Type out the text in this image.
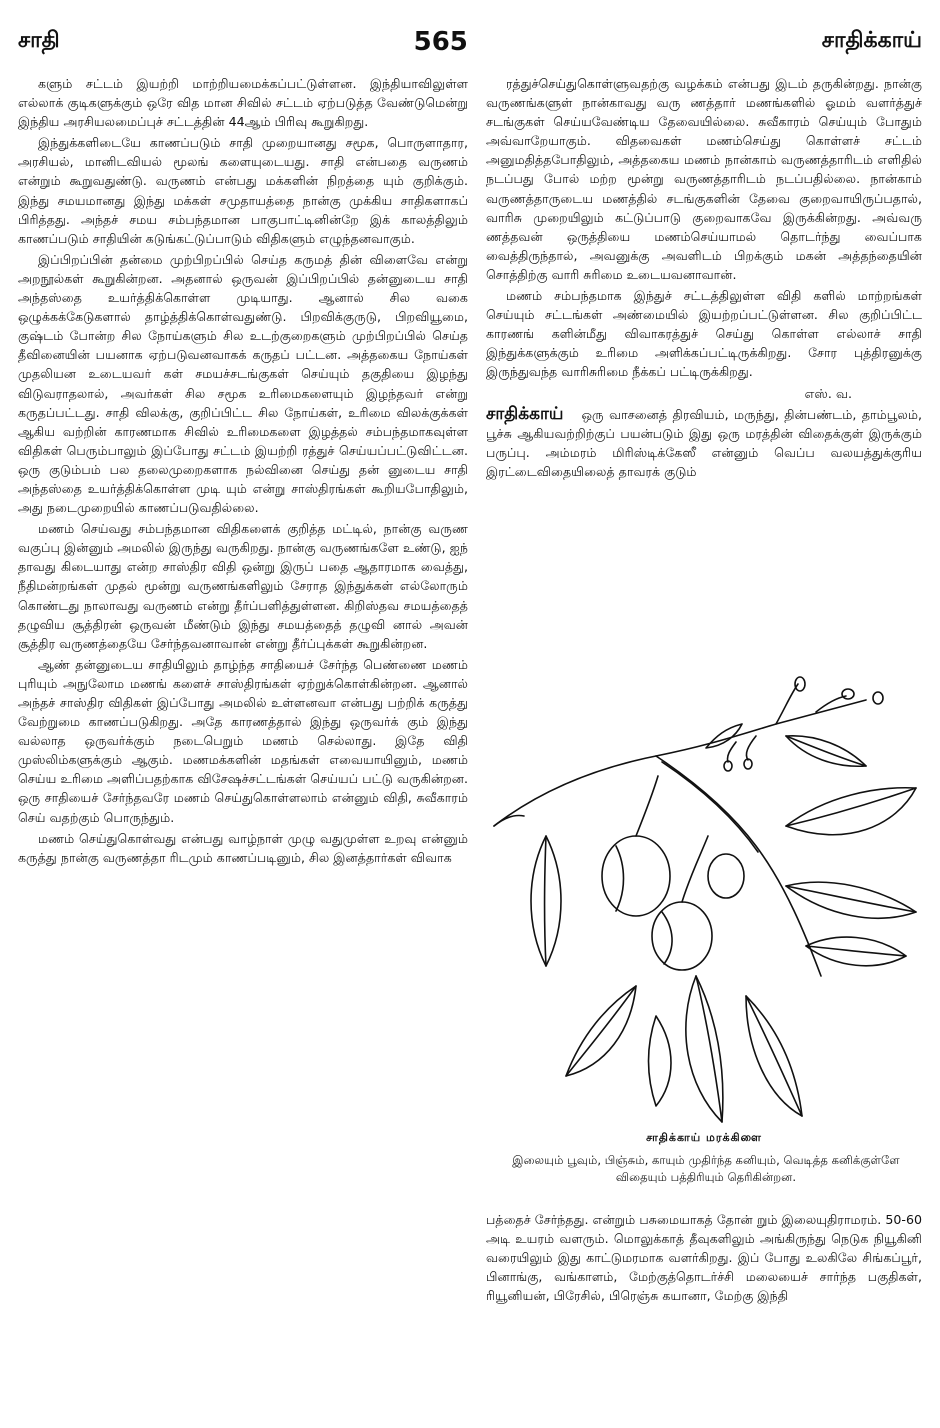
சாதி	565	சாதிக்காய்

களும் சட்டம் இயற்றி மாற்றியமைக்கப்பட்டுள்ளன. இந்தியாவிலுள்ள எல்லாக் குடிகளுக்கும் ஒரே வித மான சிவில் சட்டம் ஏற்படுத்த வேண்டுமென்று இந்திய அரசியலமைப்புச் சட்டத்தின் 44ஆம் பிரிவு கூறுகிறது.

இந்துக்களிடையே காணப்படும் சாதி முறையானது சமூக, பொருளாதார, அரசியல், மானிடவியல் மூலங் களையுடையது. சாதி என்பதை வருணம் என்றும் கூறுவதுண்டு. வருணம் என்பது மக்களின் நிறத்தை யும் குறிக்கும். இந்து சமயமானது இந்து மக்கள் சமுதாயத்தை நான்கு முக்கிய சாதிகளாகப் பிரித்தது. அந்தச் சமய சம்பந்தமான பாகுபாட்டினின்றே இக் காலத்திலும் காணப்படும் சாதியின் கடுங்கட்டுப்பாடும் விதிகளும் எழுந்தனவாகும்.

இப்பிறப்பின் தன்மை முற்பிறப்பில் செய்த கருமத் தின் விளைவே என்று அறநூல்கள் கூறுகின்றன. அதனால் ஒருவன் இப்பிறப்பில் தன்னுடைய சாதி அந்தஸ்தை உயர்த்திக்கொள்ள முடியாது. ஆனால் சில வகை ஒழுக்கக்கேடுகளால் தாழ்த்திக்கொள்வதுண்டு. பிறவிக்குருடு, பிறவியூமை, குஷ்டம் போன்ற சில நோய்களும் சில உடற்குறைகளும் முற்பிறப்பில் செய்த தீவினையின் பயனாக ஏற்படுவனவாகக் கருதப் பட்டன. அத்தகைய நோய்கள் முதலியன உடையவர் கள் சமயச்சடங்குகள் செய்யும் தகுதியை இழந்து விடுவராதலால், அவர்கள் சில சமூக உரிமைகளையும் இழந்தவர் என்று கருதப்பட்டது. சாதி விலக்கு, குறிப்பிட்ட சில நோய்கள், உரிமை விலக்குக்கள் ஆகிய வற்றின் காரணமாக சிவில் உரிமைகளை இழத்தல் சம்பந்தமாகவுள்ள விதிகள் பெரும்பாலும் இப்போது சட்டம் இயற்றி ரத்துச் செய்யப்பட்டுவிட்டன. ஒரு குடும்பம் பல தலைமுறைகளாக நல்வினை செய்து தன் னுடைய சாதி அந்தஸ்தை உயர்த்திக்கொள்ள முடி யும் என்று சாஸ்திரங்கள் கூறியபோதிலும், அது நடைமுறையில் காணப்படுவதில்லை.

மணம் செய்வது சம்பந்தமான விதிகளைக் குறித்த மட்டில், நான்கு வருண வகுப்பு இன்னும் அமலில் இருந்து வருகிறது. நான்கு வருணங்களே உண்டு, ஐந் தாவது கிடையாது என்ற சாஸ்திர விதி ஒன்று இருப் பதை ஆதாரமாக வைத்து, நீதிமன்றங்கள் முதல் மூன்று வருணங்களிலும் சேராத இந்துக்கள் எல்லோரும் கொண்டது நாலாவது வருணம் என்று தீர்ப்பளித்துள்ளன. கிறிஸ்தவ சமயத்தைத் தழுவிய சூத்திரன் ஒருவன் மீண்டும் இந்து சமயத்தைத் தழுவி னால் அவன் சூத்திர வருணத்தையே சேர்ந்தவனாவான் என்று தீர்ப்புக்கள் கூறுகின்றன.

ஆண் தன்னுடைய சாதியிலும் தாழ்ந்த சாதியைச் சேர்ந்த பெண்ணை மணம் புரியும் அநுலோம மணங் களைச் சாஸ்திரங்கள் ஏற்றுக்கொள்கின்றன. ஆனால் அந்தச் சாஸ்திர விதிகள் இப்போது அமலில் உள்ளனவா என்பது பற்றிக் கருத்து வேற்றுமை காணப்படுகிறது. அதே காரணத்தால் இந்து ஒருவர்க் கும் இந்து வல்லாத ஒருவர்க்கும் நடைபெறும் மணம் செல்லாது. இதே விதி முஸ்லிம்களுக்கும் ஆகும். மணமக்களின் மதங்கள் எவையாயினும், மணம் செய்ய உரிமை அளிப்பதற்காக விசேஷச்சட்டங்கள் செய்யப் பட்டு வருகின்றன. ஒரு சாதியைச் சேர்ந்தவரே மணம் செய்துகொள்ளலாம் என்னும் விதி, சுவீகாரம் செய் வதற்கும் பொருந்தும்.

மணம் செய்துகொள்வது என்பது வாழ்நாள் முழு வதுமுள்ள உறவு என்னும் கருத்து நான்கு வருணத்தா ரிடமும் காணப்படினும், சில இனத்தார்கள் விவாக

ரத்துச்செய்துகொள்ளுவதற்கு வழக்கம் என்பது இடம் தருகின்றது. நான்கு வருணங்களுள் நான்காவது வரு ணத்தார் மணங்களில் ஓமம் வளர்த்துச் சடங்குகள் செய்யவேண்டிய தேவையில்லை. சுவீகாரம் செய்யும் போதும் அவ்வாறேயாகும். விதவைகள் மணம்செய்து கொள்ளச் சட்டம் அனுமதித்தபோதிலும், அத்தகைய மணம் நான்காம் வருணத்தாரிடம் எளிதில் நடப்பது போல் மற்ற மூன்று வருணத்தாரிடம் நடப்பதில்லை. நான்காம் வருணத்தாருடைய மணத்தில் சடங்குகளின் தேவை குறைவாயிருப்பதால், வாரிசு முறையிலும் கட்டுப்பாடு குறைவாகவே இருக்கின்றது. அவ்வரு ணத்தவன் ஒருத்தியை மணம்செய்யாமல் தொடர்ந்து வைப்பாக வைத்திருந்தால், அவனுக்கு அவளிடம் பிறக்கும் மகன் அத்தந்தையின் சொத்திற்கு வாரி சுரிமை உடையவனாவான்.

மணம் சம்பந்தமாக இந்துச் சட்டத்திலுள்ள விதி களில் மாற்றங்கள் செய்யும் சட்டங்கள் அண்மையில் இயற்றப்பட்டுள்ளன. சில குறிப்பிட்ட காரணங் களின்மீது விவாகரத்துச் செய்து கொள்ள எல்லாச் சாதி இந்துக்களுக்கும் உரிமை அளிக்கப்பட்டிருக்கிறது. சோர புத்திரனுக்கு இருந்துவந்த வாரிசுரிமை நீக்கப் பட்டிருக்கிறது.

எஸ். வ.

சாதிக்காய் ஒரு வாசனைத் திரவியம், மருந்து, தின்பண்டம், தாம்பூலம், பூச்சு ஆகியவற்றிற்குப் பயன்படும் இது ஒரு மரத்தின் விதைக்குள் இருக்கும் பருப்பு. அம்மரம் மிரிஸ்டிக்கேஸீ என்னும் வெப்ப வலயத்துக்குரிய இரட்டைவிதையிலைத் தாவரக் குடும்

சாதிக்காய் மரக்கிளை
இலையும் பூவும், பிஞ்சும், காயும் முதிர்ந்த கனியும், வெடித்த கனிக்குள்ளே விதையும் பத்திரியும் தெரிகின்றன.

பத்தைச் சேர்ந்தது. என்றும் பசுமையாகத் தோன் றும் இலையுதிராமரம். 50-60 அடி உயரம் வளரும். மொலுக்காத் தீவுகளிலும் அங்கிருந்து நெடுக நியூகினி வரையிலும் இது காட்டுமரமாக வளர்கிறது. இப் போது உலகிலே சிங்கப்பூர், பினாங்கு, வங்காளம், மேற்குத்தொடர்ச்சி மலையைச் சார்ந்த பகுதிகள், ரியூனியன், பிரேசில், பிரெஞ்சு கயானா, மேற்கு இந்தி
